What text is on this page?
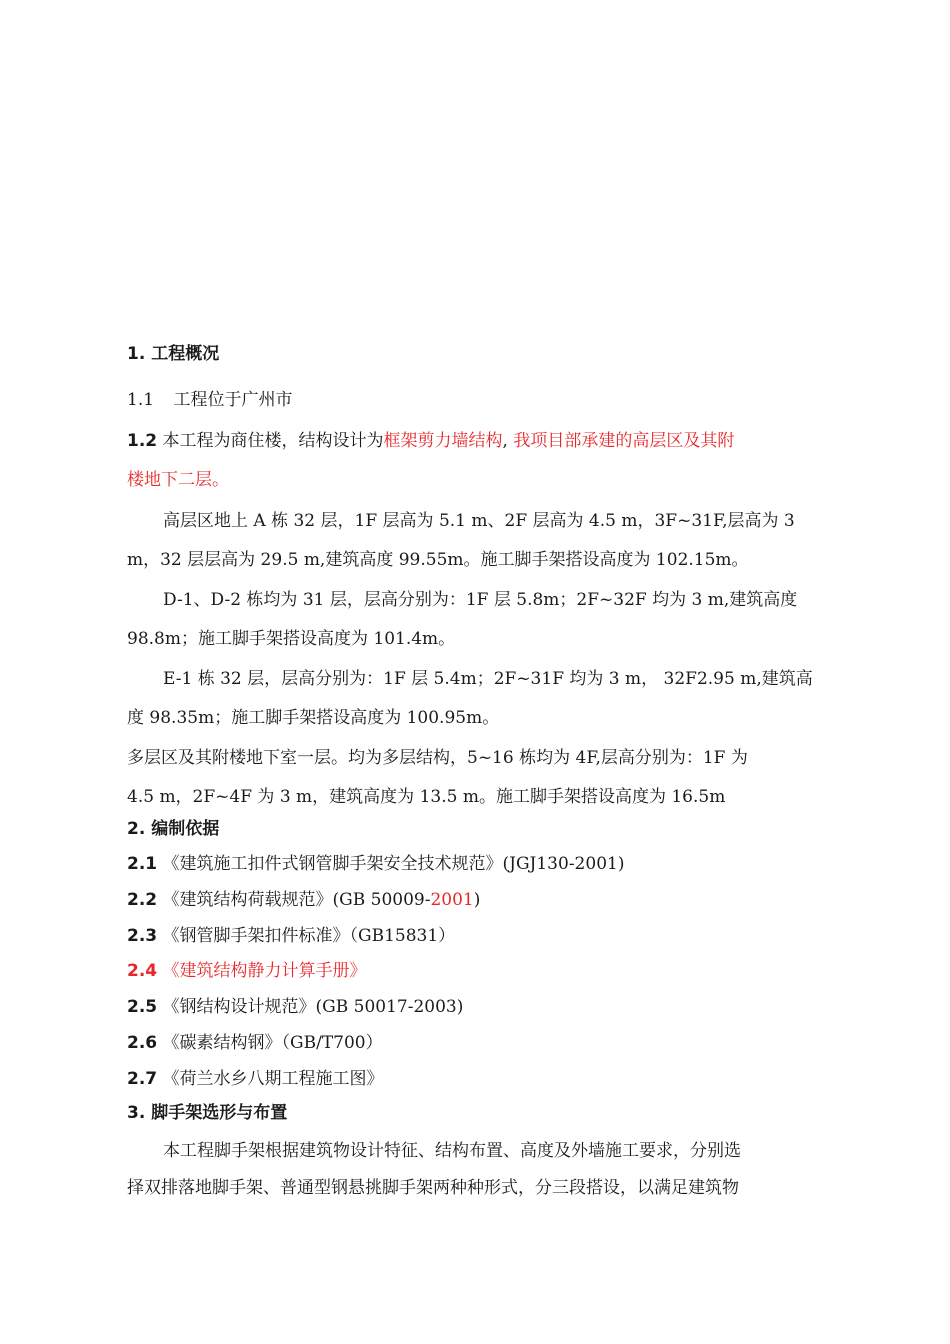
1. 工程概况
1.1 工程位于广州市
1.2 本工程为商住楼，结构设计为框架剪力墙结构, 我项目部承建的高层区及其附
楼地下二层。
高层区地上 A 栋 32 层，1F 层高为 5.1 m、2F 层高为 4.5 m，3F~31F,层高为 3
m，32 层层高为 29.5 m,建筑高度 99.55m。施工脚手架搭设高度为 102.15m。
D-1、D-2 栋均为 31 层，层高分别为：1F 层 5.8m；2F~32F 均为 3 m,建筑高度
98.8m；施工脚手架搭设高度为 101.4m。
E-1 栋 32 层，层高分别为：1F 层 5.4m；2F~31F 均为 3 m， 32F2.95 m,建筑高
度 98.35m；施工脚手架搭设高度为 100.95m。
多层区及其附楼地下室一层。均为多层结构，5~16 栋均为 4F,层高分别为：1F 为
4.5 m，2F~4F 为 3 m，建筑高度为 13.5 m。施工脚手架搭设高度为 16.5m
2. 编制依据
2.1 《建筑施工扣件式钢管脚手架安全技术规范》(JGJ130-2001)
2.2 《建筑结构荷载规范》(GB 50009-2001)
2.3 《钢管脚手架扣件标准》（GB15831）
2.4 《建筑结构静力计算手册》
2.5 《钢结构设计规范》(GB 50017-2003)
2.6 《碳素结构钢》（GB/T700）
2.7 《荷兰水乡八期工程施工图》
3. 脚手架选形与布置
本工程脚手架根据建筑物设计特征、结构布置、高度及外墙施工要求，分别选
择双排落地脚手架、普通型钢悬挑脚手架两种种形式，分三段搭设，以满足建筑物
